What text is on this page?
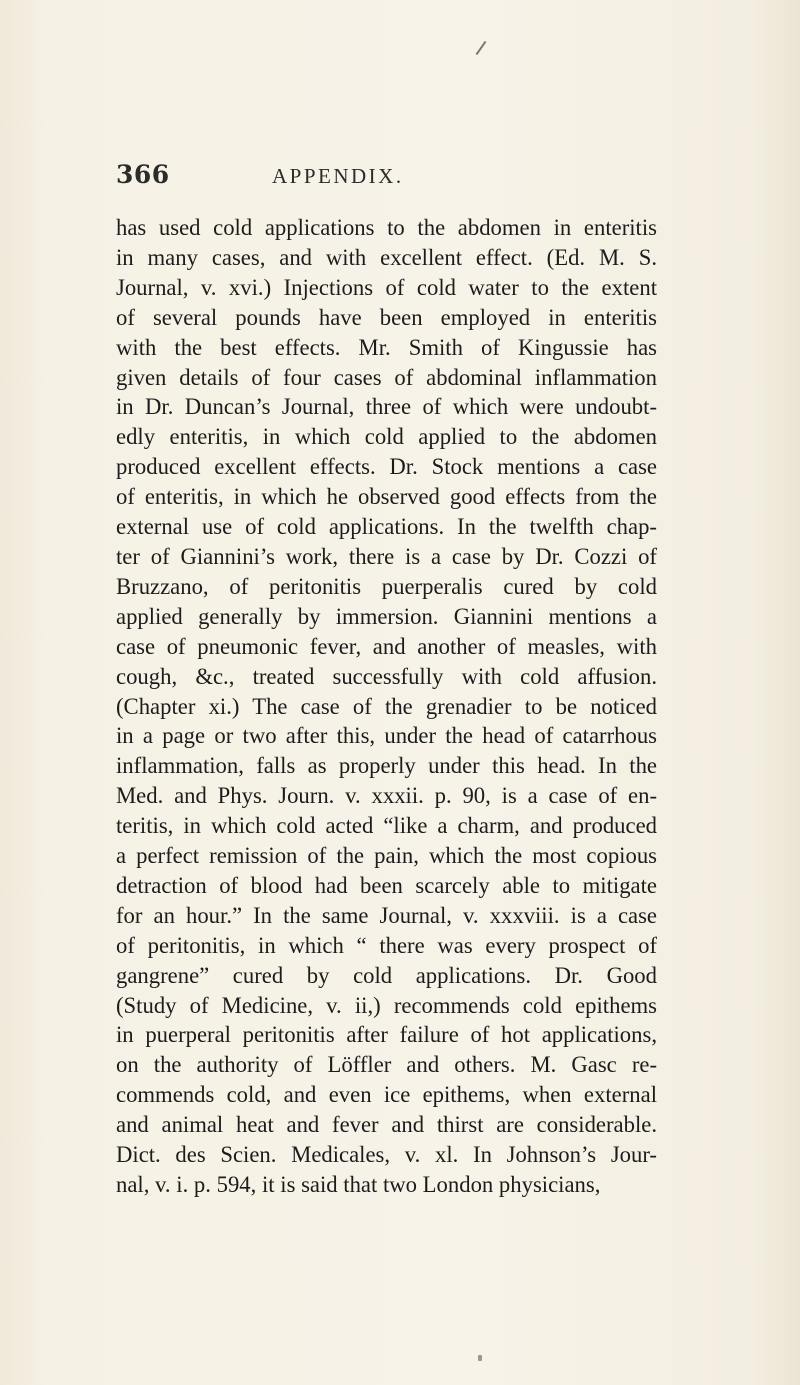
366	APPENDIX.
has used cold applications to the abdomen in enteritis
in many cases, and with excellent effect. (Ed. M. S.
Journal, v. xvi.) Injections of cold water to the extent
of several pounds have been employed in enteritis
with the best effects. Mr. Smith of Kingussie has
given details of four cases of abdominal inflammation
in Dr. Duncan’s Journal, three of which were undoubt-
edly enteritis, in which cold applied to the abdomen
produced excellent effects. Dr. Stock mentions a case
of enteritis, in which he observed good effects from the
external use of cold applications. In the twelfth chap-
ter of Giannini’s work, there is a case by Dr. Cozzi of
Bruzzano, of peritonitis puerperalis cured by cold
applied generally by immersion. Giannini mentions a
case of pneumonic fever, and another of measles, with
cough, &c., treated successfully with cold affusion.
(Chapter xi.) The case of the grenadier to be noticed
in a page or two after this, under the head of catarrhous
inflammation, falls as properly under this head. In the
Med. and Phys. Journ. v. xxxii. p. 90, is a case of en-
teritis, in which cold acted “like a charm, and produced
a perfect remission of the pain, which the most copious
detraction of blood had been scarcely able to mitigate
for an hour.” In the same Journal, v. xxxviii. is a case
of peritonitis, in which “ there was every prospect of
gangrene” cured by cold applications. Dr. Good
(Study of Medicine, v. ii,) recommends cold epithems
in puerperal peritonitis after failure of hot applications,
on the authority of Löffler and others. M. Gasc re-
commends cold, and even ice epithems, when external
and animal heat and fever and thirst are considerable.
Dict. des Scien. Medicales, v. xl. In Johnson’s Jour-
nal, v. i. p. 594, it is said that two London physicians,
